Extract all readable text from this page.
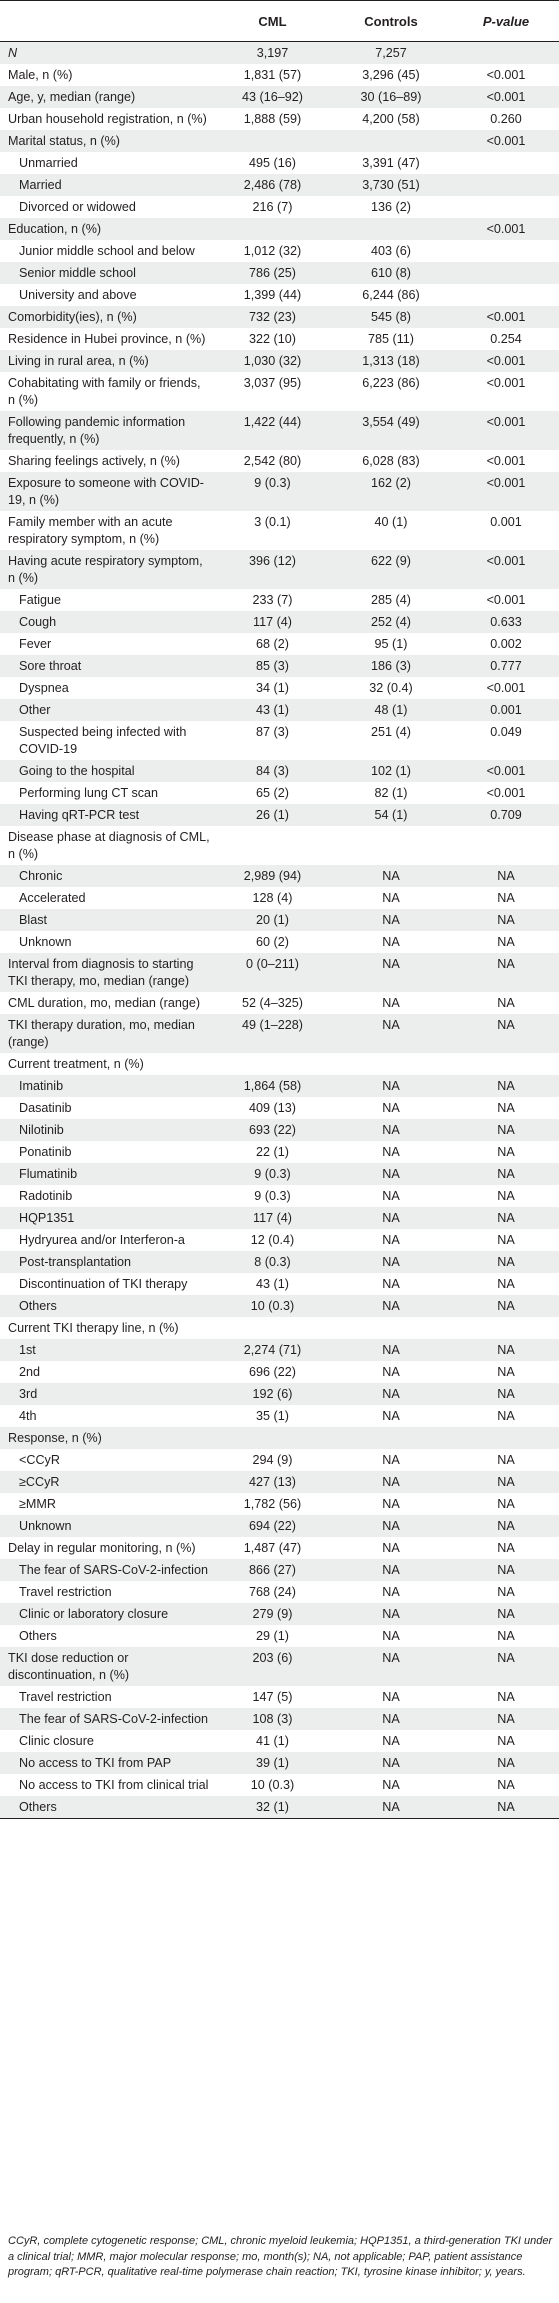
	CML	Controls	P-value
N	3,197	7,257	
Male, n (%)	1,831 (57)	3,296 (45)	<0.001
Age, y, median (range)	43 (16–92)	30 (16–89)	<0.001
Urban household registration, n (%)	1,888 (59)	4,200 (58)	0.260
Marital status, n (%)			<0.001
Unmarried	495 (16)	3,391 (47)	
Married	2,486 (78)	3,730 (51)	
Divorced or widowed	216 (7)	136 (2)	
Education, n (%)			<0.001
Junior middle school and below	1,012 (32)	403 (6)	
Senior middle school	786 (25)	610 (8)	
University and above	1,399 (44)	6,244 (86)	
Comorbidity(ies), n (%)	732 (23)	545 (8)	<0.001
Residence in Hubei province, n (%)	322 (10)	785 (11)	0.254
Living in rural area, n (%)	1,030 (32)	1,313 (18)	<0.001
Cohabitating with family or friends, n (%)	3,037 (95)	6,223 (86)	<0.001
Following pandemic information frequently, n (%)	1,422 (44)	3,554 (49)	<0.001
Sharing feelings actively, n (%)	2,542 (80)	6,028 (83)	<0.001
Exposure to someone with COVID-19, n (%)	9 (0.3)	162 (2)	<0.001
Family member with an acute respiratory symptom, n (%)	3 (0.1)	40 (1)	0.001
Having acute respiratory symptom, n (%)	396 (12)	622 (9)	<0.001
Fatigue	233 (7)	285 (4)	<0.001
Cough	117 (4)	252 (4)	0.633
Fever	68 (2)	95 (1)	0.002
Sore throat	85 (3)	186 (3)	0.777
Dyspnea	34 (1)	32 (0.4)	<0.001
Other	43 (1)	48 (1)	0.001
Suspected being infected with COVID-19	87 (3)	251 (4)	0.049
Going to the hospital	84 (3)	102 (1)	<0.001
Performing lung CT scan	65 (2)	82 (1)	<0.001
Having qRT-PCR test	26 (1)	54 (1)	0.709
Disease phase at diagnosis of CML, n (%)			
Chronic	2,989 (94)	NA	NA
Accelerated	128 (4)	NA	NA
Blast	20 (1)	NA	NA
Unknown	60 (2)	NA	NA
Interval from diagnosis to starting TKI therapy, mo, median (range)	0 (0–211)	NA	NA
CML duration, mo, median (range)	52 (4–325)	NA	NA
TKI therapy duration, mo, median (range)	49 (1–228)	NA	NA
Current treatment, n (%)			
Imatinib	1,864 (58)	NA	NA
Dasatinib	409 (13)	NA	NA
Nilotinib	693 (22)	NA	NA
Ponatinib	22 (1)	NA	NA
Flumatinib	9 (0.3)	NA	NA
Radotinib	9 (0.3)	NA	NA
HQP1351	117 (4)	NA	NA
Hydryurea and/or Interferon-a	12 (0.4)	NA	NA
Post-transplantation	8 (0.3)	NA	NA
Discontinuation of TKI therapy	43 (1)	NA	NA
Others	10 (0.3)	NA	NA
Current TKI therapy line, n (%)			
1st	2,274 (71)	NA	NA
2nd	696 (22)	NA	NA
3rd	192 (6)	NA	NA
4th	35 (1)	NA	NA
Response, n (%)			
<CCyR	294 (9)	NA	NA
≥CCyR	427 (13)	NA	NA
≥MMR	1,782 (56)	NA	NA
Unknown	694 (22)	NA	NA
Delay in regular monitoring, n (%)	1,487 (47)	NA	NA
The fear of SARS-CoV-2-infection	866 (27)	NA	NA
Travel restriction	768 (24)	NA	NA
Clinic or laboratory closure	279 (9)	NA	NA
Others	29 (1)	NA	NA
TKI dose reduction or discontinuation, n (%)	203 (6)	NA	NA
Travel restriction	147 (5)	NA	NA
The fear of SARS-CoV-2-infection	108 (3)	NA	NA
Clinic closure	41 (1)	NA	NA
No access to TKI from PAP	39 (1)	NA	NA
No access to TKI from clinical trial	10 (0.3)	NA	NA
Others	32 (1)	NA	NA
CCyR, complete cytogenetic response; CML, chronic myeloid leukemia; HQP1351, a third-generation TKI under a clinical trial; MMR, major molecular response; mo, month(s); NA, not applicable; PAP, patient assistance program; qRT-PCR, qualitative real-time polymerase chain reaction; TKI, tyrosine kinase inhibitor; y, years.
